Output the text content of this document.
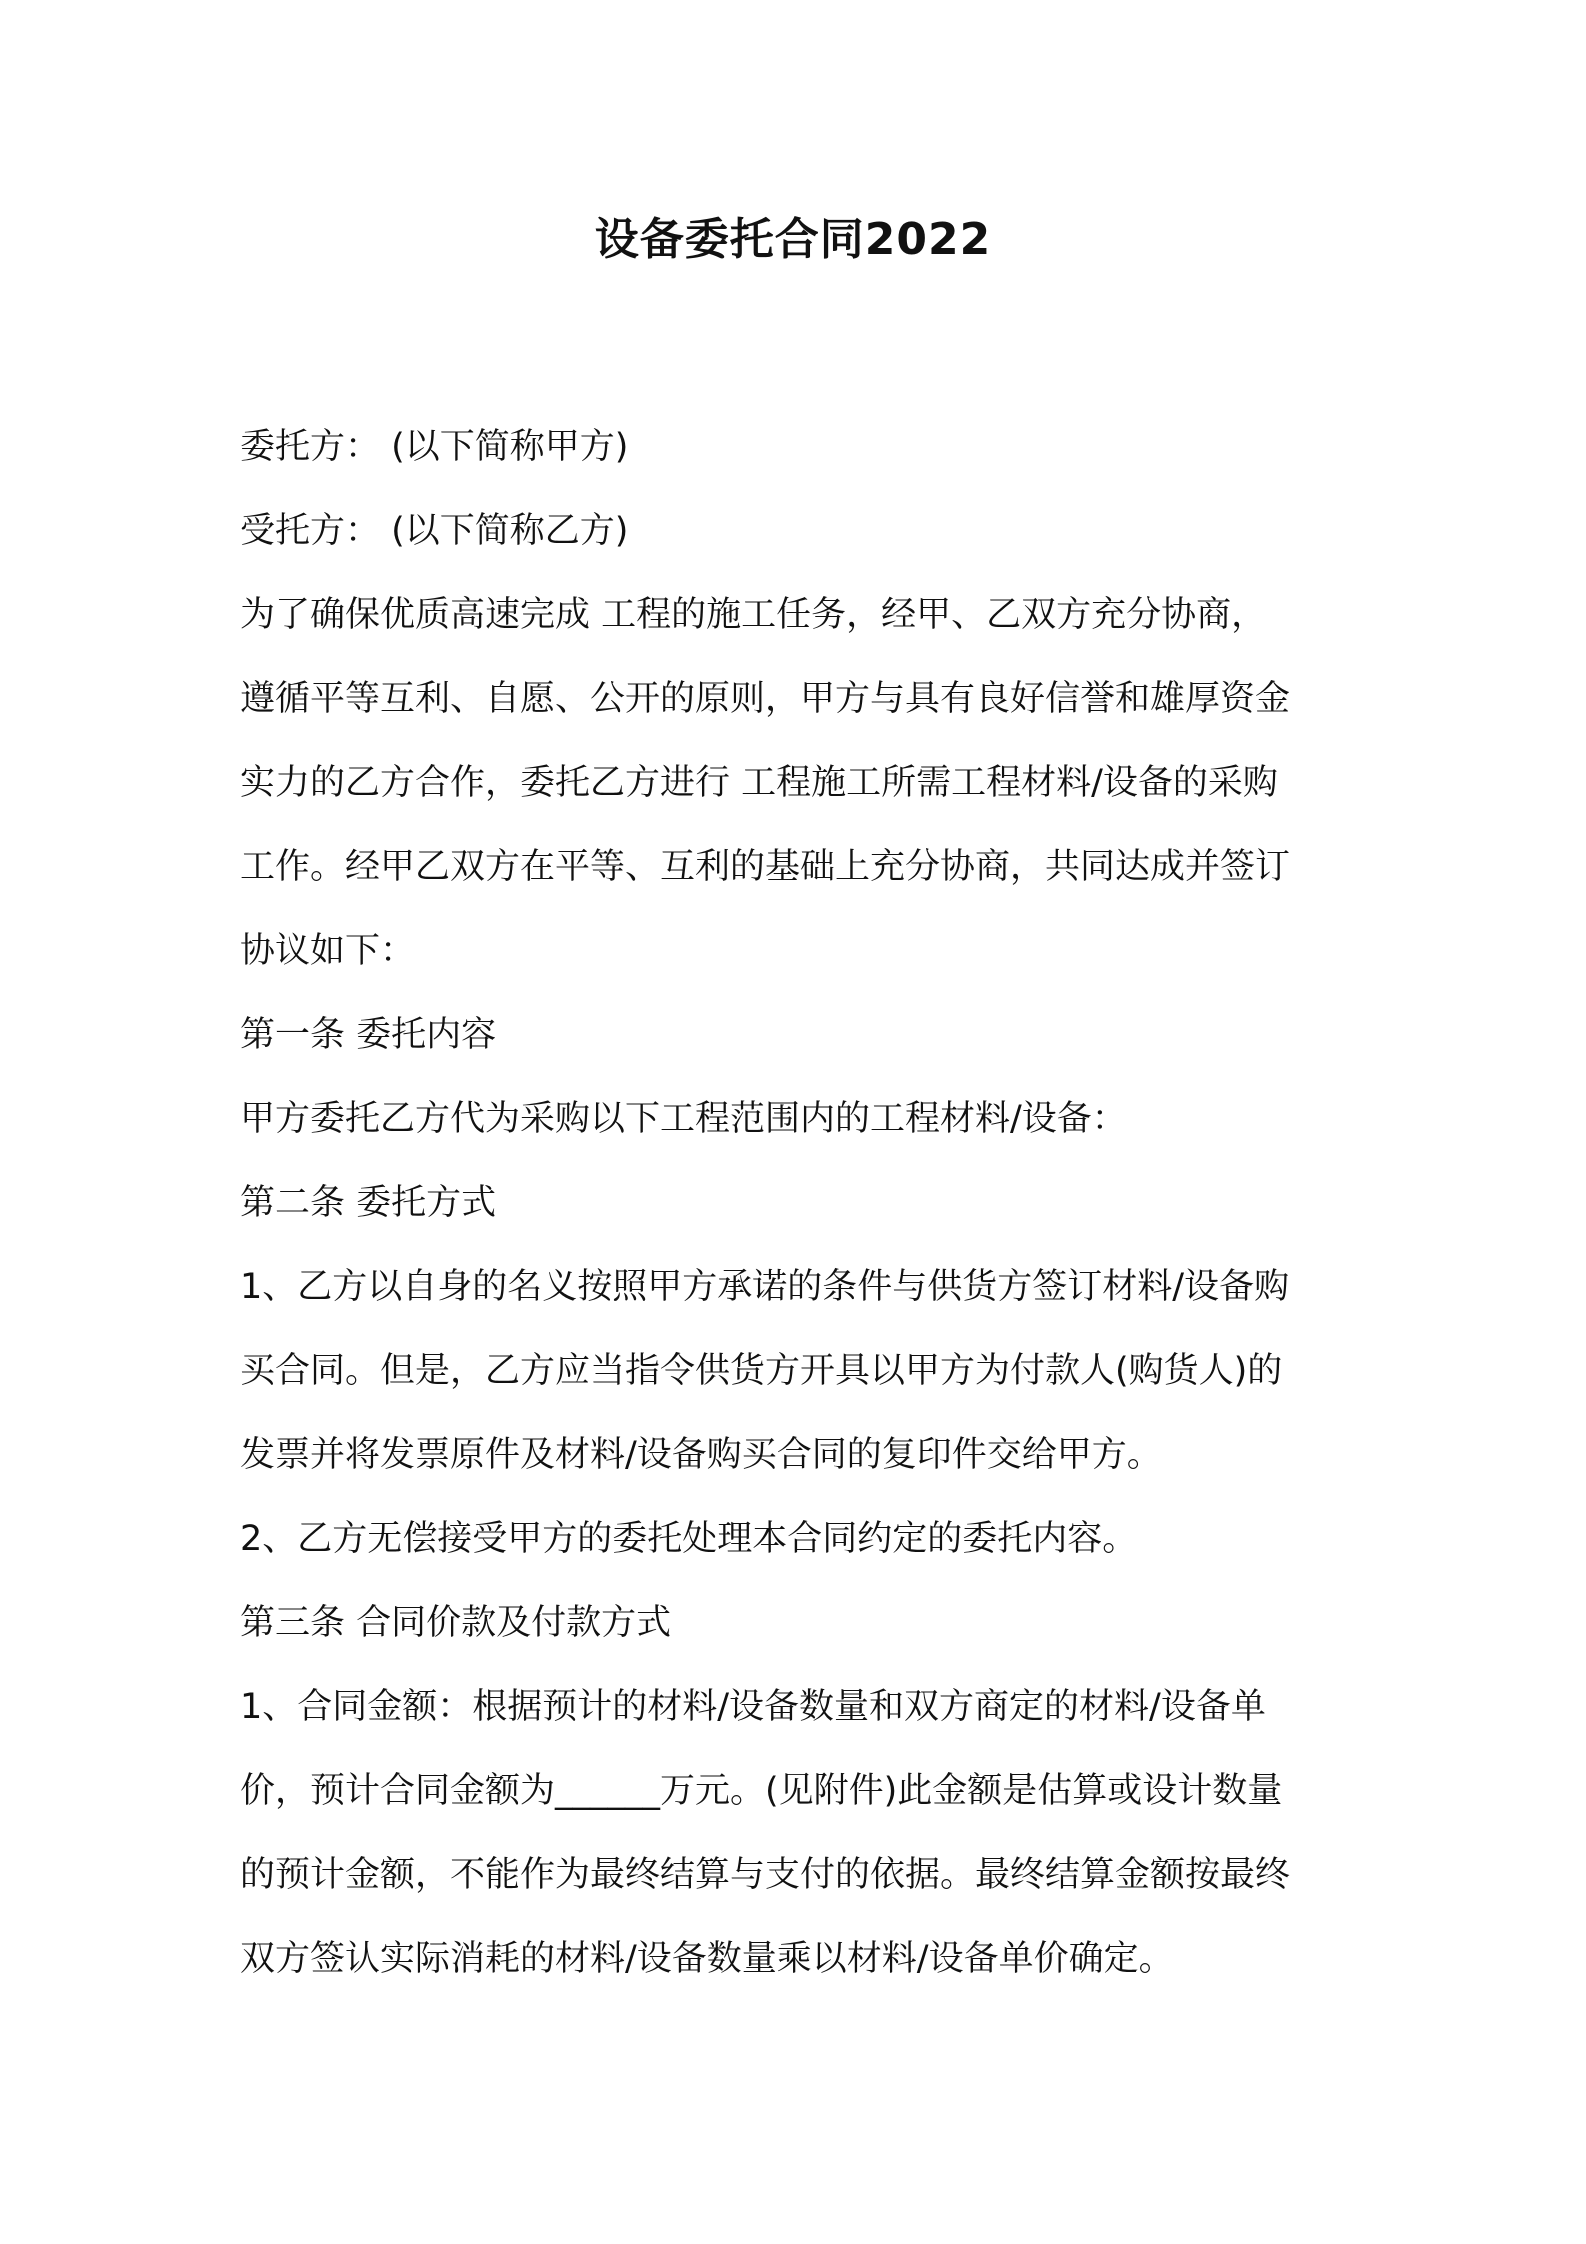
设备委托合同2022
委托方： (以下简称甲方)
受托方： (以下简称乙方)
为了确保优质高速完成 工程的施工任务，经甲、乙双方充分协商，
遵循平等互利、自愿、公开的原则，甲方与具有良好信誉和雄厚资金
实力的乙方合作，委托乙方进行 工程施工所需工程材料/设备的采购
工作。经甲乙双方在平等、互利的基础上充分协商，共同达成并签订
协议如下：
第一条 委托内容
甲方委托乙方代为采购以下工程范围内的工程材料/设备：
第二条 委托方式
1、乙方以自身的名义按照甲方承诺的条件与供货方签订材料/设备购
买合同。但是，乙方应当指令供货方开具以甲方为付款人(购货人)的
发票并将发票原件及材料/设备购买合同的复印件交给甲方。
2、乙方无偿接受甲方的委托处理本合同约定的委托内容。
第三条 合同价款及付款方式
1、合同金额：根据预计的材料/设备数量和双方商定的材料/设备单
价，预计合同金额为______万元。(见附件)此金额是估算或设计数量
的预计金额，不能作为最终结算与支付的依据。最终结算金额按最终
双方签认实际消耗的材料/设备数量乘以材料/设备单价确定。
